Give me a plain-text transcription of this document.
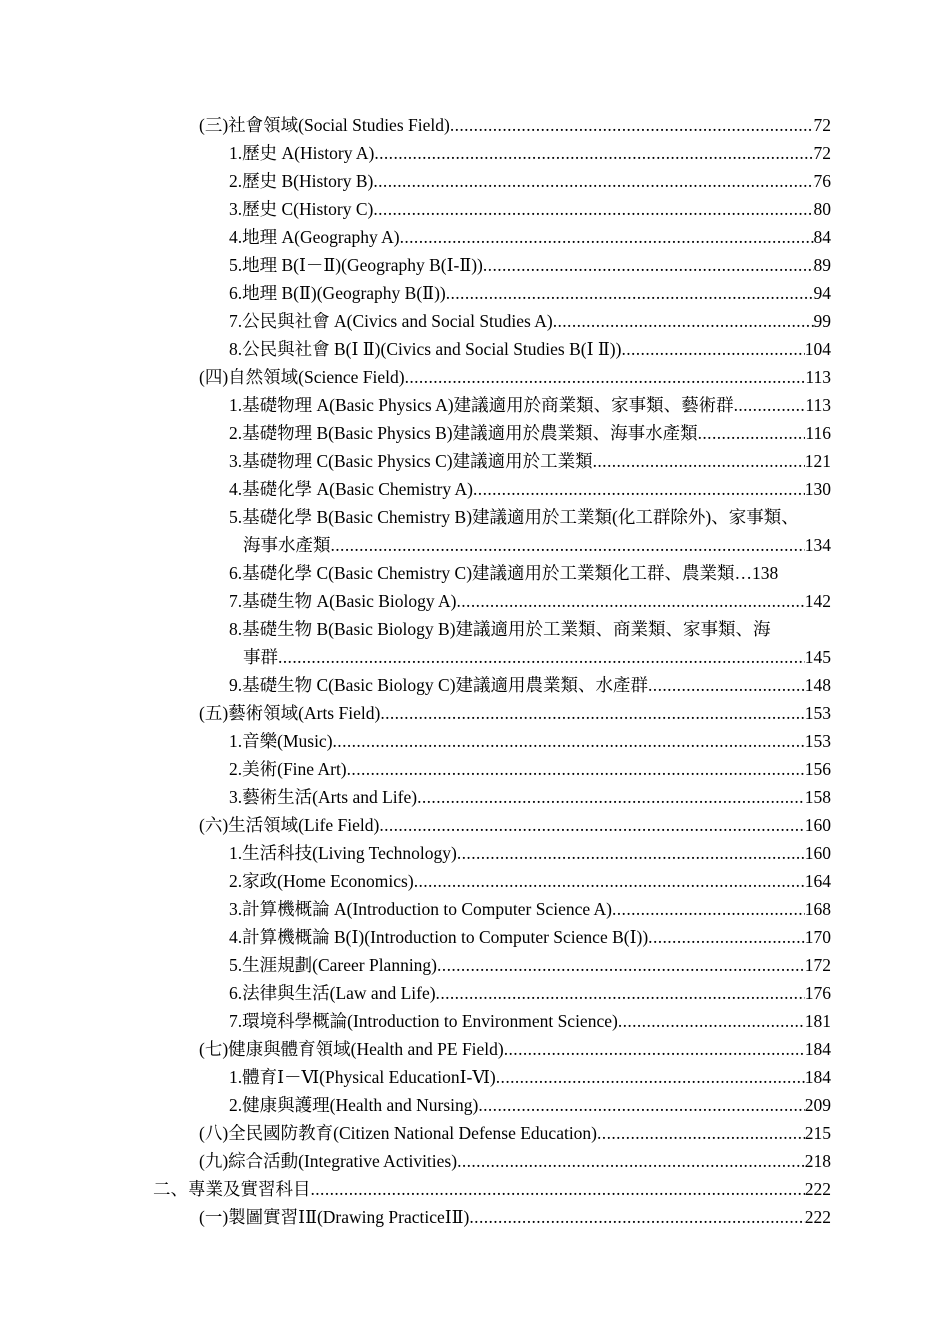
(三)社會領域(Social Studies Field) .....	72
1.歷史 A(History A) .....	72
2.歷史 B(History B) .....	76
3.歷史 C(History C) .....	80
4.地理 A(Geography A) .....	84
5.地理 B(Ⅰ－Ⅱ)(Geography B(Ⅰ-Ⅱ)) .....	89
6.地理 B(Ⅱ)(Geography B(Ⅱ)) .....	94
7.公民與社會 A(Civics and Social Studies A) .....	99
8.公民與社會 B(Ⅰ Ⅱ)(Civics and Social Studies B(Ⅰ Ⅱ)) .....	104
(四)自然領域(Science Field) .....	113
1.基礎物理 A(Basic Physics A)建議適用於商業類、家事類、藝術群 .....	113
2.基礎物理 B(Basic Physics B)建議適用於農業類、海事水產類 .....	116
3.基礎物理 C(Basic Physics C)建議適用於工業類 .....	121
4.基礎化學 A(Basic Chemistry A) .....	130
5.基礎化學 B(Basic Chemistry B)建議適用於工業類(化工群除外)、家事類、
海事水產類 .....	134
6.基礎化學 C(Basic Chemistry C)建議適用於工業類化工群、農業類… 138
7.基礎生物 A(Basic Biology A) .....	142
8.基礎生物 B(Basic Biology B)建議適用於工業類、商業類、家事類、海
事群 .....	145
9.基礎生物 C(Basic Biology C)建議適用農業類、水產群 .....	148
(五)藝術領域(Arts Field) .....	153
1.音樂(Music) .....	153
2.美術(Fine Art) .....	156
3.藝術生活(Arts and Life) .....	158
(六)生活領域(Life Field) .....	160
1.生活科技(Living Technology) .....	160
2.家政(Home Economics) .....	164
3.計算機概論 A(Introduction to Computer Science A) .....	168
4.計算機概論 B(Ⅰ)(Introduction to Computer Science B(Ⅰ)) .....	170
5.生涯規劃(Career Planning) .....	172
6.法律與生活(Law and Life) .....	176
7.環境科學概論(Introduction to Environment Science) .....	181
(七)健康與體育領域(Health and PE Field) .....	184
1.體育Ⅰ－Ⅵ(Physical EducationⅠ-Ⅵ) .....	184
2.健康與護理(Health and Nursing) .....	209
(八)全民國防教育(Citizen National Defense Education) .....	215
(九)綜合活動(Integrative Activities) .....	218
二、專業及實習科目 .....	222
(一)製圖實習ⅠⅡ(Drawing PracticeⅠⅡ) .....	222
